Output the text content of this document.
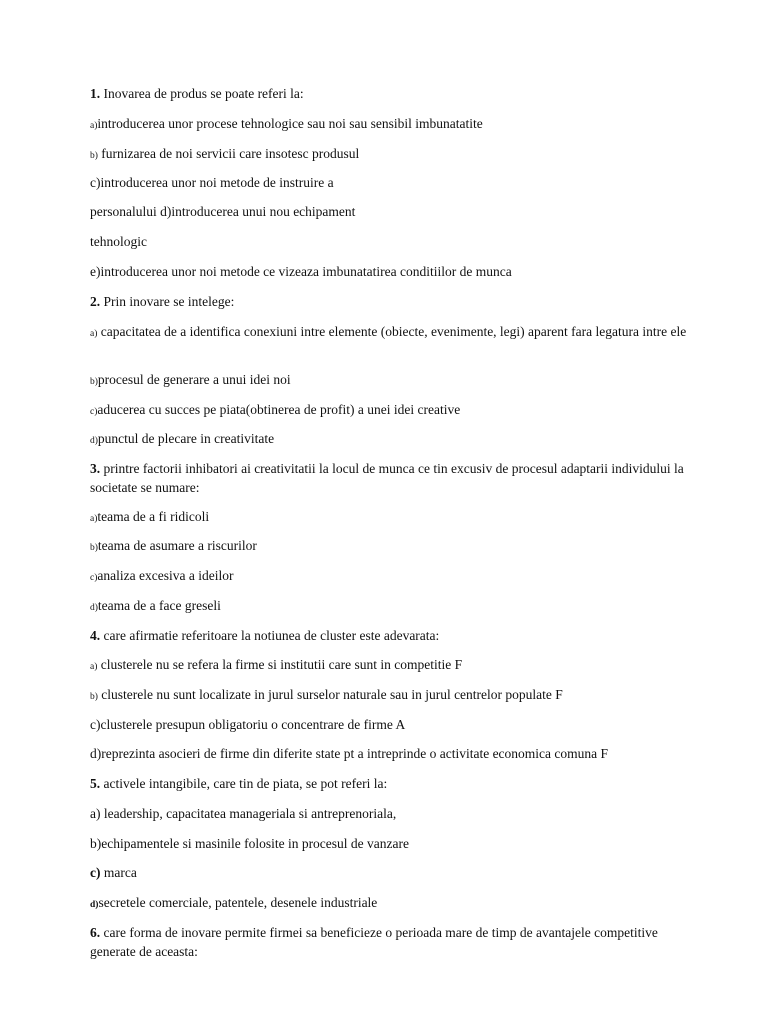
1. Inovarea de produs se poate referi la:
a)introducerea unor procese tehnologice sau noi sau sensibil imbunatatite
b) furnizarea de noi servicii care insotesc produsul
c)introducerea unor noi metode de instruire a
personalului d)introducerea unui nou echipament
tehnologic
e)introducerea unor noi metode ce vizeaza imbunatatirea conditiilor de munca
2. Prin inovare se intelege:
a) capacitatea de a identifica conexiuni intre elemente (obiecte, evenimente, legi) aparent fara legatura intre ele
b)procesul de generare a unui idei noi
c)aducerea cu succes pe piata(obtinerea de profit) a unei idei creative
d)punctul de plecare in creativitate
3. printre factorii inhibatori ai creativitatii la locul de munca ce tin excusiv de procesul adaptarii individului la societate se numare:
a)teama de a fi ridicoli
b)teama de asumare a riscurilor
c)analiza excesiva a ideilor
d)teama de a face greseli
4. care afirmatie referitoare la notiunea de cluster este adevarata:
a) clusterele nu se refera la firme si institutii care sunt in competitie F
b) clusterele nu sunt localizate in jurul surselor naturale sau in jurul centrelor populate F
c)clusterele presupun obligatoriu o concentrare de firme A
d)reprezinta asocieri de firme din diferite state pt a intreprinde o activitate economica comuna F
5. activele intangibile, care tin de piata, se pot referi la:
a) leadership, capacitatea manageriala si antreprenoriala,
b)echipamentele si masinile folosite in procesul de vanzare
c) marca
d)secretele comerciale, patentele, desenele industriale
6. care forma de inovare permite firmei sa beneficieze o perioada mare de timp de avantajele competitive generate de aceasta:
